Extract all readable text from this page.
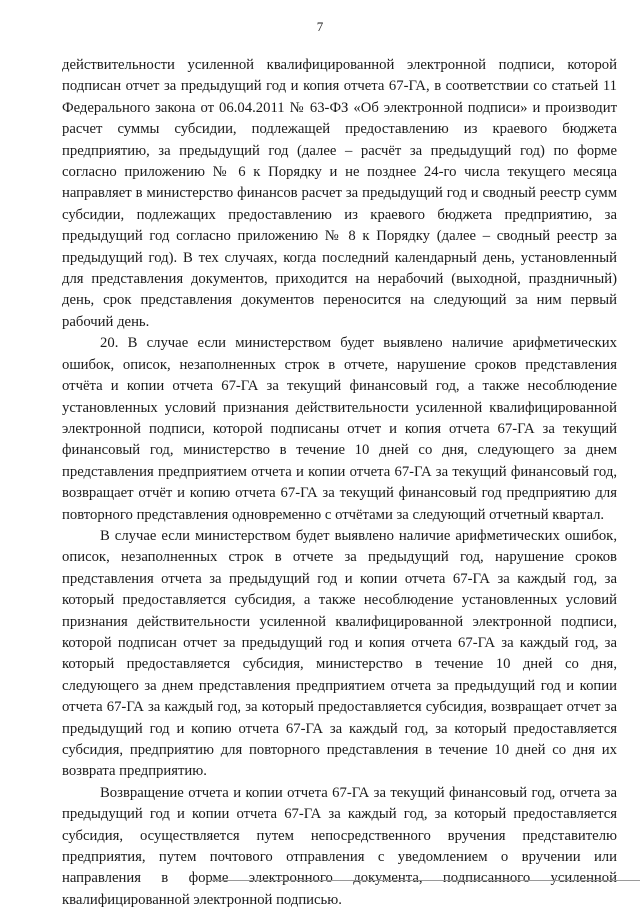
7

действительности усиленной квалифицированной электронной подписи, которой подписан отчет за предыдущий год и копия отчета 67-ГА, в соответствии со статьей 11 Федерального закона от 06.04.2011 № 63-ФЗ «Об электронной подписи» и производит расчет суммы субсидии, подлежащей предоставлению из краевого бюджета предприятию, за предыдущий год (далее – расчёт за предыдущий год) по форме согласно приложению № 6 к Порядку и не позднее 24-го числа текущего месяца направляет в министерство финансов расчет за предыдущий год и сводный реестр сумм субсидии, подлежащих предоставлению из краевого бюджета предприятию, за предыдущий год согласно приложению № 8 к Порядку (далее – сводный реестр за предыдущий год). В тех случаях, когда последний календарный день, установленный для представления документов, приходится на нерабочий (выходной, праздничный) день, срок представления документов переносится на следующий за ним первый рабочий день.

20. В случае если министерством будет выявлено наличие арифметических ошибок, описок, незаполненных строк в отчете, нарушение сроков представления отчёта и копии отчета 67-ГА за текущий финансовый год, а также несоблюдение установленных условий признания действительности усиленной квалифицированной электронной подписи, которой подписаны отчет и копия отчета 67-ГА за текущий финансовый год, министерство в течение 10 дней со дня, следующего за днем представления предприятием отчета и копии отчета 67-ГА за текущий финансовый год, возвращает отчёт и копию отчета 67-ГА за текущий финансовый год предприятию для повторного представления одновременно с отчётами за следующий отчетный квартал.

В случае если министерством будет выявлено наличие арифметических ошибок, описок, незаполненных строк в отчете за предыдущий год, нарушение сроков представления отчета за предыдущий год и копии отчета 67-ГА за каждый год, за который предоставляется субсидия, а также несоблюдение установленных условий признания действительности усиленной квалифицированной электронной подписи, которой подписан отчет за предыдущий год и копия отчета 67-ГА за каждый год, за который предоставляется субсидия, министерство в течение 10 дней со дня, следующего за днем представления предприятием отчета за предыдущий год и копии отчета 67-ГА за каждый год, за который предоставляется субсидия, возвращает отчет за предыдущий год и копию отчета 67-ГА за каждый год, за который предоставляется субсидия, предприятию для повторного представления в течение 10 дней со дня их возврата предприятию.

Возвращение отчета и копии отчета 67-ГА за текущий финансовый год, отчета за предыдущий год и копии отчета 67-ГА за каждый год, за который предоставляется субсидия, осуществляется путем непосредственного вручения представителю предприятия, путем почтового отправления с уведомлением о вручении или направления в форме электронного документа, подписанного усиленной квалифицированной электронной подписью.
